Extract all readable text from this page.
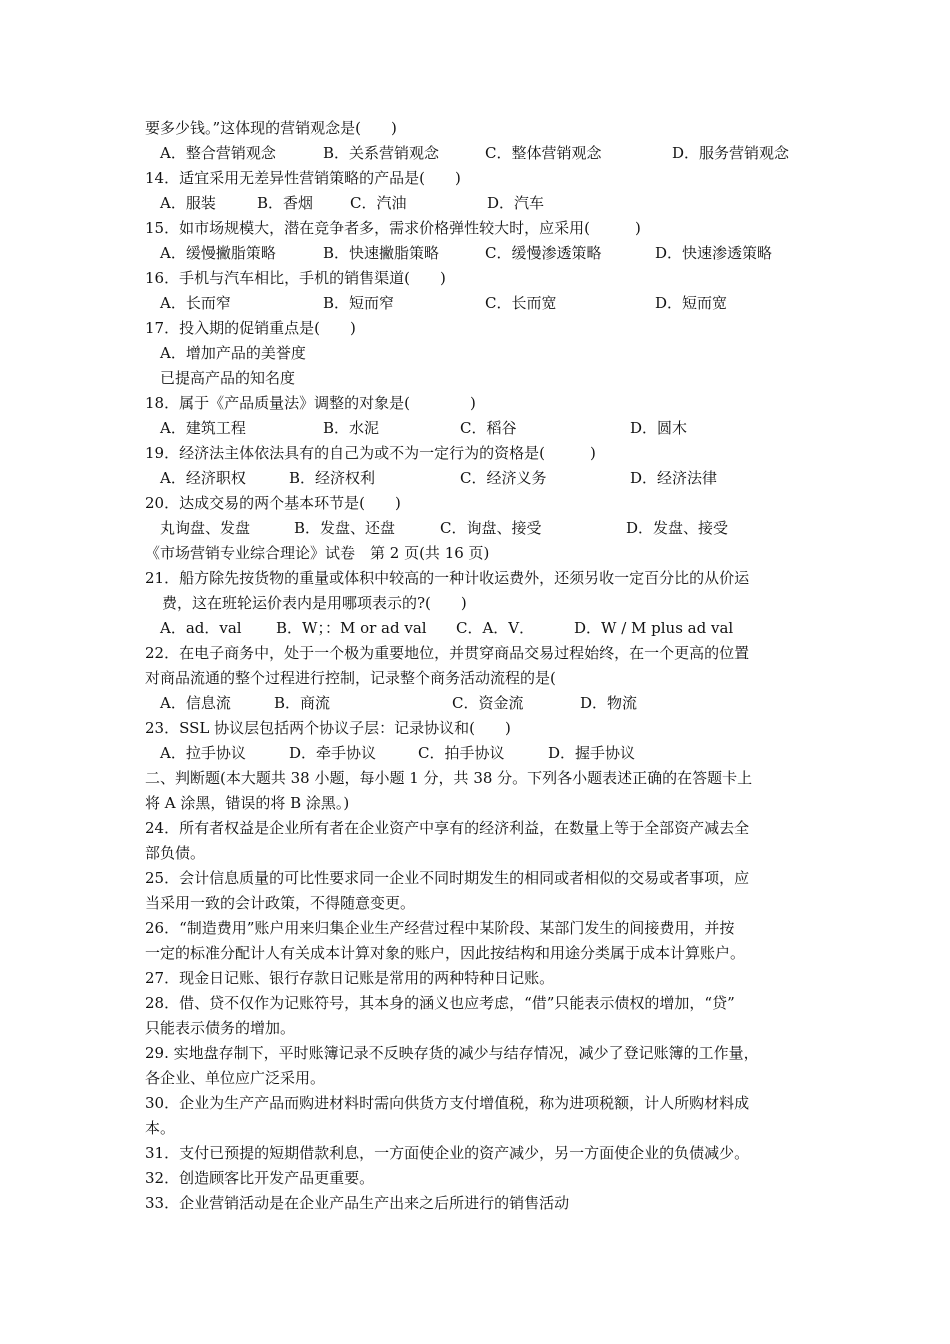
要多少钱。”这体现的营销观念是(　　)
A．整合营销观念	B．关系营销观念	C．整体营销观念	D．服务营销观念
14．适宜采用无差异性营销策略的产品是(　　)
A．服装	B．香烟 C．汽油	D．汽车
15．如市场规模大，潜在竞争者多，需求价格弹性较大时，应采用(　　　)
A．缓慢撇脂策略	B．快速撇脂策略	C．缓慢渗透策略	D．快速渗透策略
16．手机与汽车相比，手机的销售渠道(　　)
A．长而窄	B．短而窄	C．长而宽	D．短而宽
17．投入期的促销重点是(　　)
A．增加产品的美誉度
已提高产品的知名度
18．属于《产品质量法》调整的对象是(　　　　)
A．建筑工程	B．水泥	C．稻谷	D．圆木
19．经济法主体依法具有的自己为或不为一定行为的资格是(　　　)
A．经济职权	B．经济权利	C．经济义务	D．经济法律
20．达成交易的两个基本环节是(　　)
丸询盘、发盘	B．发盘、还盘	C．询盘、接受	D．发盘、接受
《市场营销专业综合理论》试卷　第 2 页(共 16 页)
21．船方除先按货物的重量或体积中较高的一种计收运费外，还须另收一定百分比的从价运
费，这在班轮运价表内是用哪项表示的?(　　)
A．ad．val B．W；：M or ad val C．A．V．	D．W / M plus ad val
22．在电子商务中，处于一个极为重要地位，并贯穿商品交易过程始终，在一个更高的位置
对商品流通的整个过程进行控制，记录整个商务活动流程的是(
A．信息流	B．商流	C．资金流	D．物流
23．SSL 协议层包括两个协议子层：记录协议和(　　)
A．拉手协议	D．牵手协议	C．拍手协议	D．握手协议
二、判断题(本大题共 38 小题，每小题 1 分，共 38 分。下列各小题表述正确的在答题卡上
将 A 涂黑，错误的将 B 涂黑。)
24．所有者权益是企业所有者在企业资产中享有的经济利益，在数量上等于全部资产减去全
部负债。
25．会计信息质量的可比性要求同一企业不同时期发生的相同或者相似的交易或者事项，应
当采用一致的会计政策，不得随意变更。
26．“制造费用”账户用来归集企业生产经营过程中某阶段、某部门发生的间接费用，并按
一定的标准分配计人有关成本计算对象的账户，因此按结构和用途分类属于成本计算账户。
27．现金日记账、银行存款日记账是常用的两种特种日记账。
28．借、贷不仅作为记账符号，其本身的涵义也应考虑，“借”只能表示债权的增加，“贷”
只能表示债务的增加。
29. 实地盘存制下，平时账簿记录不反映存货的减少与结存情况，减少了登记账簿的工作量，
各企业、单位应广泛采用。
30．企业为生产产品而购进材料时需向供货方支付增值税，称为进项税额，计人所购材料成
本。
31．支付已预提的短期借款利息，一方面使企业的资产减少，另一方面使企业的负债减少。
32．创造顾客比开发产品更重要。
33．企业营销活动是在企业产品生产出来之后所进行的销售活动
